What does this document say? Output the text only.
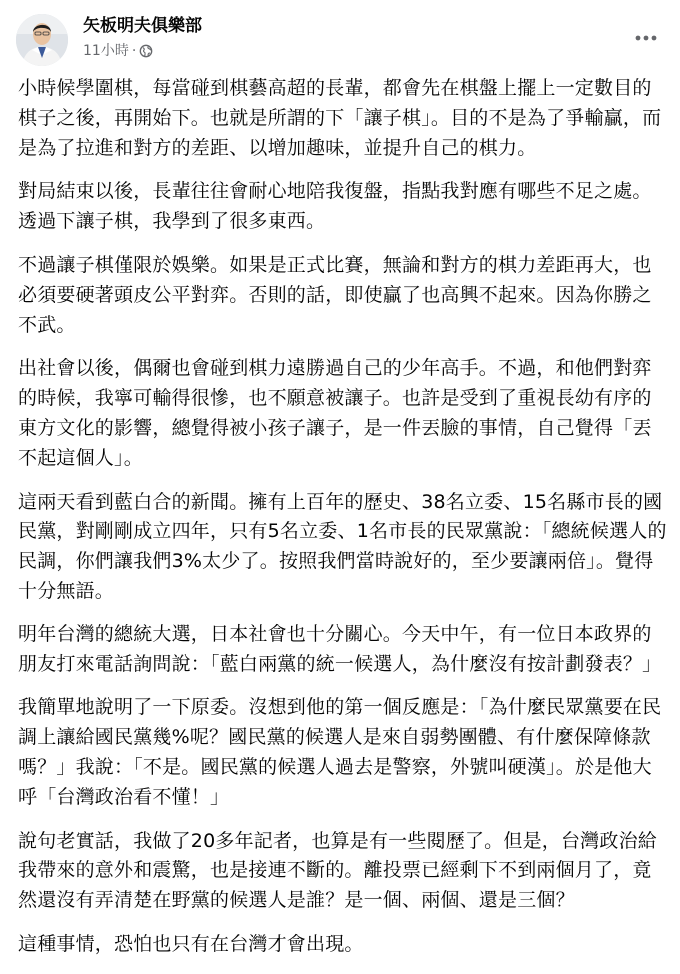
矢板明夫俱樂部
11小時 ·

小時候學圍棋，每當碰到棋藝高超的長輩，都會先在棋盤上擺上一定數目的棋子之後，再開始下。也就是所謂的下「讓子棋」。目的不是為了爭輸贏，而是為了拉進和對方的差距、以增加趣味，並提升自己的棋力。

對局結束以後，長輩往往會耐心地陪我復盤，指點我對應有哪些不足之處。透過下讓子棋，我學到了很多東西。

不過讓子棋僅限於娛樂。如果是正式比賽，無論和對方的棋力差距再大，也必須要硬著頭皮公平對弈。否則的話，即使贏了也高興不起來。因為你勝之不武。

出社會以後，偶爾也會碰到棋力遠勝過自己的少年高手。不過，和他們對弈的時候，我寧可輸得很慘，也不願意被讓子。也許是受到了重視長幼有序的東方文化的影響，總覺得被小孩子讓子，是一件丟臉的事情，自己覺得「丟不起這個人」。

這兩天看到藍白合的新聞。擁有上百年的歷史、38名立委、15名縣市長的國民黨，對剛剛成立四年，只有5名立委、1名市長的民眾黨說：「總統候選人的民調，你們讓我們3%太少了。按照我們當時說好的，至少要讓兩倍」。覺得十分無語。

明年台灣的總統大選，日本社會也十分關心。今天中午，有一位日本政界的朋友打來電話詢問說：「藍白兩黨的統一候選人，為什麼沒有按計劃發表？」

我簡單地說明了一下原委。沒想到他的第一個反應是：「為什麼民眾黨要在民調上讓給國民黨幾%呢？國民黨的候選人是來自弱勢團體、有什麼保障條款嗎？」我說：「不是。國民黨的候選人過去是警察，外號叫硬漢」。於是他大呼「台灣政治看不懂！」

說句老實話，我做了20多年記者，也算是有一些閱歷了。但是，台灣政治給我帶來的意外和震驚，也是接連不斷的。離投票已經剩下不到兩個月了，竟然還沒有弄清楚在野黨的候選人是誰？是一個、兩個、還是三個？

這種事情，恐怕也只有在台灣才會出現。
